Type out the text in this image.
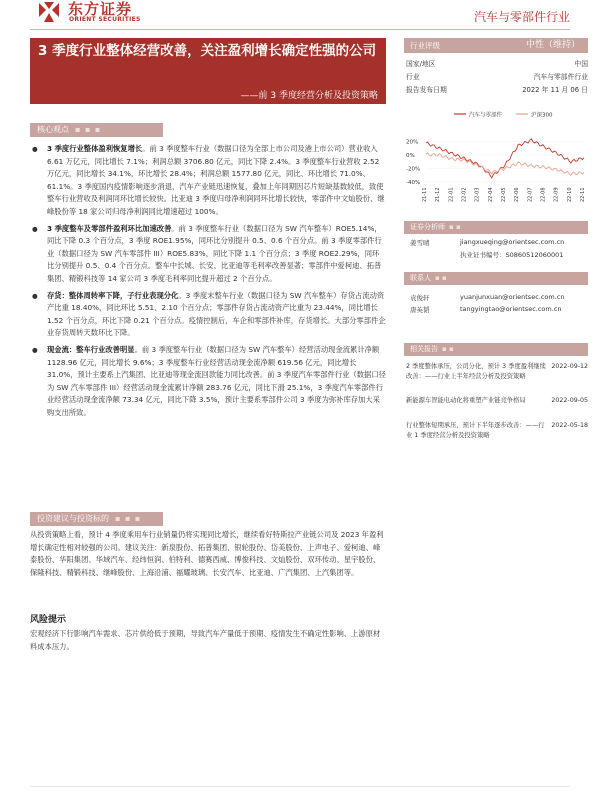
东方证券
ORIENT SECURITIES	汽车与零部件行业
3 季度行业整体经营改善，关注盈利增长确定性强的公司
——前 3 季度经营分析及投资策略
核心观点 ▪ ▪ ▪
● 3 季度行业整体盈利恢复增长。前 3 季度整车行业（数据口径为全部上市公司及港上市公司）营业收入 6.61 万亿元，同比增长 7.1%；利润总额 3706.80 亿元，同比下降 2.4%。3 季度整车行业营收 2.52 万亿元，同比增长 34.1%，环比增长 28.4%；利润总额 1577.80 亿元，同比、环比增长 71.0%、61.1%。3 季度国内疫情影响逐步消退，汽车产业链迅速恢复，叠加上年同期因芯片短缺基数较低，致使整车行业营收及利润同环比增长较快。比亚迪 3 季度归母净利润同环比增长较快，零部件中文灿股份、继峰股份等 18 家公司归母净利润同比增速超过 100%。
● 3 季度整车及零部件盈利环比加速改善。前 3 季度整车行业（数据口径为 SW 汽车整车）ROE5.14%，同比下降 0.3 个百分点，3 季度 ROE1.95%，同环比分别提升 0.5、0.6 个百分点。前 3 季度零部件行业（数据口径为 SW 汽车零部件 III）ROE5.83%，同比下降 1.1 个百分点；3 季度 ROE2.29%，同环比分别提升 0.5、0.4 个百分点。整车中长城、长安、比亚迪等毛利率改善显著；零部件中爱柯迪、拓普集团、精锻科技等 14 家公司 3 季度毛利率同比提升超过 2 个百分点。
● 存货：整体周转率下降，子行业表现分化。3 季度末整车行业（数据口径为 SW 汽车整车）存货占流动资产比重 18.40%，同比环比 5.51、2.10 个百分点；零部件存货占流动资产比重为 23.44%，同比增长 1.52 个百分点，环比下降 0.21 个百分点。疫情控制后，车企和零部件补库，存货增长。大部分零部件企业存货周转天数环比下降。
● 现金流：整车行业改善明显。前 3 季度整车行业（数据口径为 SW 汽车整车）经营活动现金流累计净额 1128.96 亿元，同比增长 9.6%；3 季度整车行业经营活动现金流净额 619.56 亿元，同比增长 31.0%，预计主要系上汽集团、比亚迪等现金流回款能力同比改善。前 3 季度汽车零部件行业（数据口径为 SW 汽车零部件 III）经营活动现金流累计净额 283.76 亿元，同比下滑 25.1%，3 季度汽车零部件行业经营活动现金流净额 73.34 亿元，同比下降 3.5%，预计主要系零部件公司 3 季度为弥补库存加大采购支出所致。
投资建议与投资标的 ▪ ▪ ▪
从投资策略上看，预计 4 季度乘用车行业销量仍将实现同比增长，继续看好特斯拉产业链公司及 2023 年盈利增长确定性相对较强的公司。建议关注：新泉股份、拓普集团、银轮股份、岱美股份、上声电子、爱柯迪、峰泰股份、华阳集团、华域汽车、经纬恒润、伯特利、德赛西威、博俊科技、文灿股份、双环传动、星宇股份、保隆科技、精锻科技、继峰股份、上海沿浦、福耀玻璃、长安汽车、比亚迪、广汽集团、上汽集团等。
风险提示
宏观经济下行影响汽车需求、芯片供给低于预期，导致汽车产量低于预期、疫情发生不确定性影响、上游原材料成本压力。
行业评级	中性（维持）
国家/地区	中国
行业	汽车与零部件行业
报告发布日期	2022 年 11 月 06 日
汽车与零部件	沪深300
20%
0%
-20%
-40%
21-11 21-12 22-01 22-02 22-03 22-04 22-05 22-06 22-07 22-08 22-09 22-10 22-11
证券分析师 ▪ ▪
姜雪晴	jiangxueqing@orientsec.com.cn
执业证书编号：S0860512060001
联系人 ▪ ▪
袁俊轩	yuanjunxuan@orientsec.com.cn
唐英韬	tangyingtao@orientsec.com.cn
相关报告 ▪ ▪
2 季度整体承压，公司分化，预计 3 季度盈利继续改善：——行业上半年经营分析及投资策略
2022-09-12
新能源车智能电动化将重塑产业链竞争格局	2022-09-05
行业整体短期承压，预计下半年逐步改善：——行业 1 季度经营分析及投资策略
2022-05-18
